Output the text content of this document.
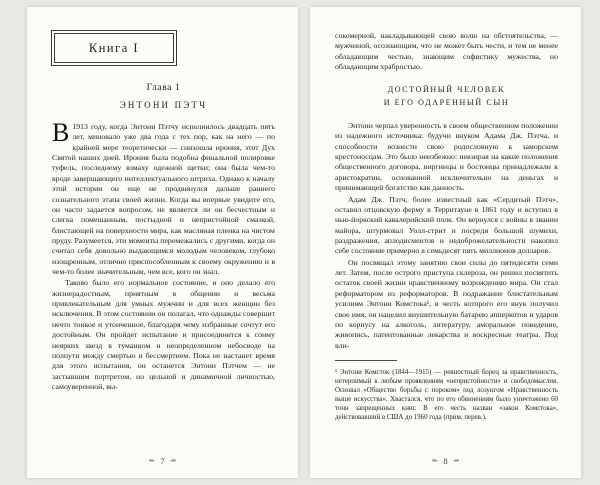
Книга I
Глава 1
ЭНТОНИ ПЭТЧ

В 1913 году, когда Энтони Пэтчу исполнилось двадцать пять лет, миновало уже два года с тех пор, как на него — по крайней мере теоретически — снизошла ирония, этот Дух Святой наших дней. Ирония была подобна финальной полировке туфель, последнему взмаху одежной щетки; она была чем-то вроде завершающего интеллектуального штриха. Однако к началу этой истории он еще не продвинулся дальше раннего сознательного этапа своей жизни. Когда вы впервые увидите его, он часто задается вопросом, не является ли он бесчестным и слегка помешанным, постыдной и непристойной смазкой, блистающей на поверхности мира, как масляная пленка на чистом пруду. Разумеется, эти моменты перемежались с другими, когда он считал себя довольно выдающимся молодым человеком, глубоко изощренным, отлично приспособленным к своему окружению и в чем-то более значительным, чем все, кого он знал.

Таково было его нормальное состояние, и оно делало его жизнерадостным, приятным в общении и весьма привлекательным для умных мужчин и для всех женщин без исключения. В этом состоянии он полагал, что однажды совершит нечто тонкое и утонченное, благодаря чему избранные сочтут его достойным. Он пройдет испытание и присоединится к сонму неярких звезд в туманном и неопределенном небосводе на полпути между смертью и бессмертием. Пока не настанет время для этого испытания, он останется Энтони Пэтчем — не застывшим портретом, но цельной и динамичной личностью, самоуверенной, вы-

↞ 7 ↠

сокомерной, накладывающей свою волю на обстоятельства, — мужчиной, осознающим, что не может быть чести, и тем не менее обладающим честью, знающим софистику мужества, но обладающим храбростью.

ДОСТОЙНЫЙ ЧЕЛОВЕК
И ЕГО ОДАРЕННЫЙ СЫН

Энтони черпал уверенность в своем общественном положении из надежного источника: будучи внуком Адама Дж. Пэтча, и способности вознести свою родословную к заморским крестоносцам. Это было неизбежно: невзирая на какие положения общественного договора, виргинцы и бостонцы принадлежали к аристократии, основанной исключительно на деньгах и принимающей богатство как данность.

Адам Дж. Пэтч, более известный как «Сердитый Пэтч», оставил отцовскую ферму в Территауне в 1861 году и вступил в нью-йоркский кавалерийский полк. Он вернулся с войны в звании майора, штурмовал Уолл-стрит и посреди большой шумихи, раздражения, аплодисментов и недоброжелательности накопил себе состояние примерно в семьдесят пять миллионов долларов.

Он посвящал этому занятию свои силы до пятидесяти семи лет. Затем, после острого приступа склероза, он решил посвятить остаток своей жизни нравственному возрождению мира. Он стал реформатором из реформаторов. В подражание блистательным усилиям Энтони Комстока¹, в честь которого его внук получил свое имя, он нацелил внушительную батарею апперкотов и ударов по корпусу на алкоголь, литературу, аморальное поведение, живопись, патентованные лекарства и воскресные театры. Под вли-

¹ Энтони Комсток (1844—1915) — ревностный борец за нравственность, нетерпимый к любым проявлениям «непристойности» и свободомыслия. Основал «Общество борьбы с пороком» под лозунгом «Нравственность выше искусства». Хвастался, что по его обвинениям было уничтожено 60 тонн запрещенных книг. В его честь назван «закон Комстока», действовавший в США до 1960 года (прим. перев.).

↞ 8 ↠
